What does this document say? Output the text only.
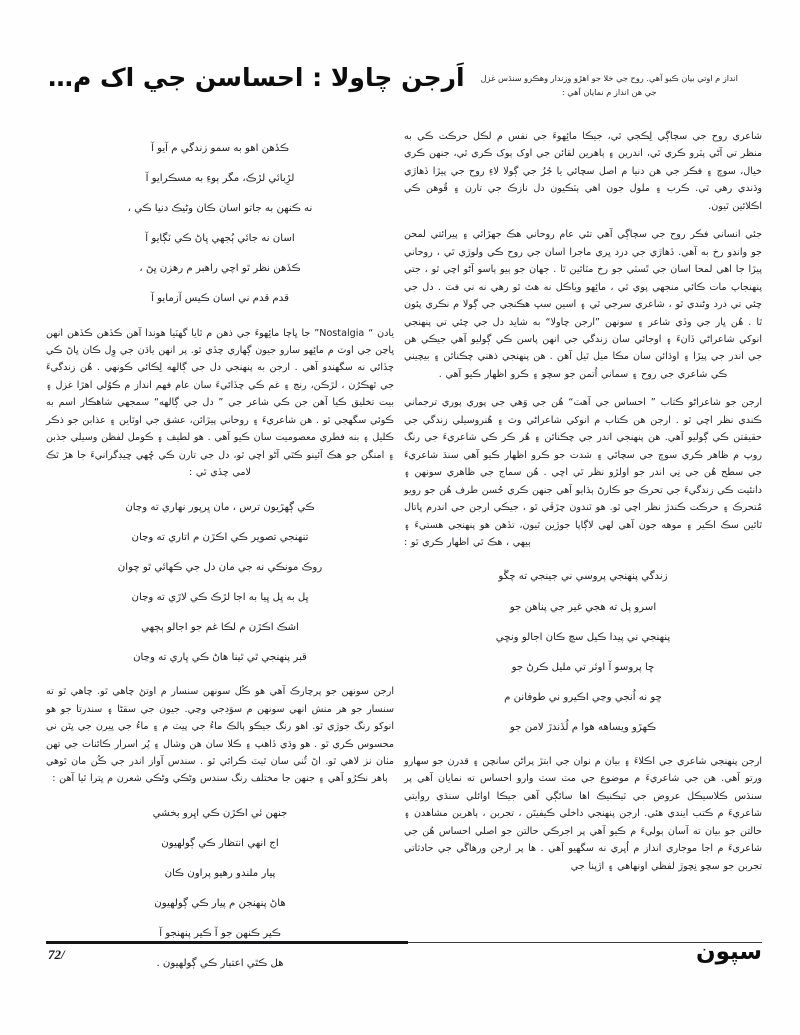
اَرجن چاولا : احساسن جي اک م…	انداز م اوتي بيان ڪيو آهي. روح جي خلا جو اهڙو وزندار وهڪرو سنڌس غزل
جي هن انداز م نمايان آهي :

شاعري روح جي سڄاڳي لِڪجي ٿي، جيڪا مائِهوءَ جي نفس م لڪل حرڪت ڪي به منظر تي آڻي پٽرو ڪري ٿي، اندرين ۽ ٻاهرين لقائن جي اوک ٻوک ڪري ٿي، جنهن ڪري خيال، سوچ ۽ فڪر جي هن دنيا م اصل سچائي يا جُزُ جي ڳولا لاءِ روح جي پيڙا ڏهاڙي وڌندي رهي ٿي. ڪرب ۽ ملول جون اهي ٻٽڪيون دل نازڪ جي تارن ۽ قُوهن ڪي اڪلائين ٿيون.

جئي انساني فڪر روح جي سڄاڳي آهي تئي عام روحاني هڪ جهڙائي ۽ پيرائتي لمحن جو وانڍو رخ به آهي. ڏهاڙي جي درد ڀري ماجرا اسان جي روح ڪي ولوڙي ٿي ، روحاني پيڙا جا اهي لمحا اسان جي ٿَسٽي جو رخ مٽائين ٿا . جهان جو ٻيو ٻاسو آڻو اچي ٿو ، جتي پنهنجاپ مات ڪائي منجهي پوي ٿي ، مائِهو وياڪل نه هٿ ٿو رهي نه ني فٽ . دل جي چئي تي درد وڻندي ٿو ، شاعري سرجي ٿي ۽ اسين سڀ هڪنجي جي ڳولا م نڪري پئون ٿا . هُن ڀار جي وڏي شاعر ۽ سونهن ”ارجن چاولا“ به شايد دل جي چئي تي پنهنجي انوکي شاعراڻي ڏانءَ ۽ اوجائي سان زندگي جي انهن پاسن ڪي ڳوليو آهي جيڪي هن جي اندر جي پيڙا ۽ اوڌائن سان مڪا ميل ٿيل آهن . هن پنهنجي ذهني چڪنائن ۽ بيچيني ڪي شاعري جي روح ۽ سماني اُتمن جو سچو ۽ ڪرو اظهار ڪيو آهي .

ارجن جو شاعراڻو ڪتاب ” احساس جي آهٽ“ هُن جي وَهي جي پوري پوري ترجماني ڪندي نظر اچي ٿو . ارجن هن ڪتاب م انوکي شاعراڻي وٽ ۽ هُنروسيلي زندگي جي حقيقتن ڪي ڳوليو آهي. هن پنهنجي اندر جي چڪنائن ۽ هُر ڪر ڪي شاعريءَ جي رنگ روپ م ظاهر ڪري سوچ جي سچائي ۽ شدت جو ڪرو اظهار ڪيو آهي سنڌ شاعريءَ جي سطح هُن جي نِي اندر جو اولڙو نظر ٿي اچي . هُن سماج جي ظاهري سونهن ۽ دانئيت ڪي زندگيءَ جي تحرڪ جو ڪارڻ ٻڌايو آهي جنهن ڪري حُسن طرف هُن جو رويو مُتحرڪ ۽ حرڪت ڪندڙ نظر اچي ٿو. هو ٽندون چڙڦي ٿو ، جيڪي ارجن جي اندرم ڀاتال ٿائين سڪ اڪير ۽ موهه جون آهي لهي لاڳاپا جوڙين ٿيون، تڏهن هو پنهنجي هستيءَ ۽ ٻيهي ، هڪ ٿي اظهار ڪري ٿو :

زندگي پنهنجي پروسي ني جينجي ته چڱو
اسرو پل ته هجي غير جي پناهن جو
پنهنجي ني پيدا ڪيل سچ ڪان اجالو ونڇي
ڇا پروسو آ اوئر تي مليل ڪرڻ جو
ڇو نه اُنجي وڃي اڪيرو ني طوفانن م
ڪهڙو ويساهه هوا م لُڏندڙ لامن جو

ارجن پنهنجي شاعري جي اڪلاءَ ۽ بيان م نوان جي ابتڙ پراڻن سانچن ۽ قدرن جو سهارو ورتو آهي. هن جي شاعريءَ م موضوع جي مٽ سٽ وارو احساس ته نمايان آهي پر سنڌس ڪلاسيڪل عروض جي ٽيڪنيڪ اها سائڳي آهي جيڪا اوائلي سنڌي روايتي شاعريءَ م ڪتب ايندي هئي. ارجن پنهنجي داخلي ڪيفيتَن ، تجربن ، ٻاهرين مشاهدن ۽ حالتن جو بيان ته آسان ٻوليءَ م ڪيو آهي پر اجرڪي حالتن جو اصلي احساس هُن جي شاعريءَ م اجا موجاري انداز م اُڀري نه سگهيو آهي . ها پر ارجن ورهاڱي جي حادثاتي تجربن جو سچو نِچوڙ لفظي اونهاهي ۽ اڙپنا جي

ڪڏهن اهو به سمو زندگي م آيو آ
لڙِبائي لڙڪ، مگر ٻوءِ به مسڪرايو آ
نه ڪنهن به جاتو اسان ڪان وڻيڪ دنيا ڪي ،
اسان نه جائي ٻُجهي ڀاڻ ڪي ٽڳايو آ
ڪڏهن نظر ٿو اچي راهبر م رهزن ڀڻ ،
قدم قدم ني اسان ڪيس آزمايو آ

يادن “ Nostalgia” جا ڀاڄا مائِهوءَ جي ذهن م ٿايا گهٽيا هوندا آهن ڪڏهن ڪڏهن انهن ڀاڃن جي اوٽ م مائِهو سارو جيون ڳهاري چڏي ٿو. پر انهن ياڌن جي وِل ڪان ڀاڻ ڪي چڏائي نه سگهندو آهي . ارجن به پنهنجي دل جي ڳالهه لِڪائي ڪونهي . هُن زندگيءَ جي ٿهڪرُن ، لڙڪن، رنج ۽ غم ڪي چڏائيءَ سان عام فهم انداز م ڪوُلي اهڙا غزل ۽ بيت تخليق ڪيا آهن جن ڪي شاعر جي ” دل جي ڳالهه“ سمجهي شاهڪار اسم به ڪوئي سگهجي ٿو . هن شاعريءَ ۽ روحاني پيڙائن، عشق جي اوٿاين ۽ عذابن جو ذڪر ڪليل ۽ بنه فطري معصوميت سان ڪيو آهي . هو لطيف ۽ ڪومل لفظن وسيلي جذبن ۽ امنگن جو هڪ آئينو ڪٿي آڻو اچي ٿو، دل جي تارن ڪي ڇُهي ڇيڊگرانيءَ جا هڙ ٿڪ لامي چڏي ٿي :

ڪي ڳهڙيون ترس ، مان ڀرپور نهاري ته وڃان
تنهنجي تصوير ڪي اڪڙن م اتاري ته وڃان
روڪ مونڪي نه جي مان دل جي ڪهائي ٿو چوان
ڀل به ڀل ڀيا به اجا لڙڪ ڪي لاڙي ته وڃان
اشڪ اڪڙن م لڪا غم جو اجالو ٻڄهي
قبر پنهنجي ٿي ٿينا هاڻ ڪي ڀاري ته وڃان

ارجن سونهن جو پرچارڪ آهي هو ڪُل سونهن سنسار م اوتڻ چاهي ٿو. چاهي ٿو ته سنسار جو هر منش انهي سونهن م سوَڊجي وڃي. جيون جي سقڻا ۽ سندرتا جو هو انوکو رنگ جوڙي ٿو. اهو رنگ جيڪو ٻالڪ ماءُ جي پيٽ م ۽ ماءُ جي ڀيرن جي ڀٿن ني محسوس ڪري ٿو . هو وڌي ڏاهپ ۽ ڪلا سان هن وشال ۽ پُر اسرار ڪائنات جي تهن مٺان نز لاهي ٿو. اڻ ٿُني سان ٿيٽ ڪرائي ٿو . سندس آواز اندر جي ڪُن مان ٿوهي ٻاهر نڪرُو آهي ۽ جنهن جا مختلف رنگ سندس وڻڪي وڻڪي شعرن م ڀترا ٿيا آهن :

جنهن ئي اڪڙن ڪي اڀرو بخشي
اج انهي انتظار ڪي ڳولهيون
پيار ملندو رهيو پراون ڪان
هاڻ پنهنجن م پيار ڪي ڳولهيون
ڪير ڪنهن جو آ ڪير پنهنجو آ
هل ڪٿي اعتبار ڪي ڳولهيون .
72/	سپون
